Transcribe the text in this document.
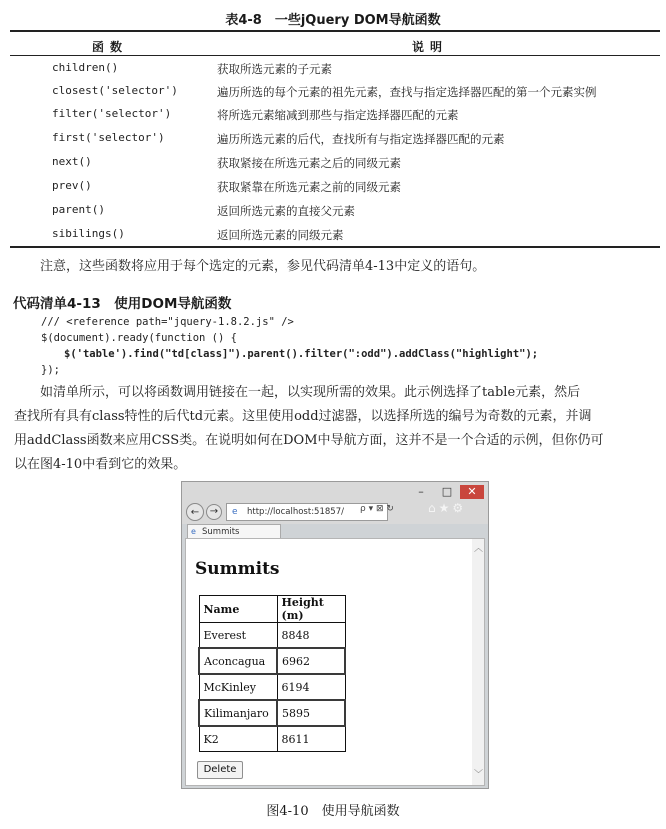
表4-8　一些jQuery DOM导航函数
函数	说明
children()	获取所选元素的子元素
closest('selector')	遍历所选的每个元素的祖先元素，查找与指定选择器匹配的第一个元素实例
filter('selector')	将所选元素缩减到那些与指定选择器匹配的元素
first('selector')	遍历所选元素的后代，查找所有与指定选择器匹配的元素
next()	获取紧接在所选元素之后的同级元素
prev()	获取紧靠在所选元素之前的同级元素
parent()	返回所选元素的直接父元素
sibilings()	返回所选元素的同级元素
注意，这些函数将应用于每个选定的元素，参见代码清单4-13中定义的语句。
代码清单4-13　使用DOM导航函数
/// <reference path="jquery-1.8.2.js" />
$(document).ready(function () {
$('table').find("td[class]").parent().filter(":odd").addClass("highlight");
});
如清单所示，可以将函数调用链接在一起，以实现所需的效果。此示例选择了table元素，然后
查找所有具有class特性的后代td元素。这里使用odd过滤器，以选择所选的编号为奇数的元素，并调
用addClass函数来应用CSS类。在说明如何在DOM中导航方面，这并不是一个合适的示例，但你仍可
以在图4-10中看到它的效果。
–	□	✕
←	→	e http://localhost:51857/	ρ ▾ ⊠ ↻	⌂★⚙
e Summits
︿
﹀
Summits
Name	Height (m)
Everest	8848
Aconcagua	6962
McKinley	6194
Kilimanjaro	5895
K2	8611
Delete
图4-10　使用导航函数
